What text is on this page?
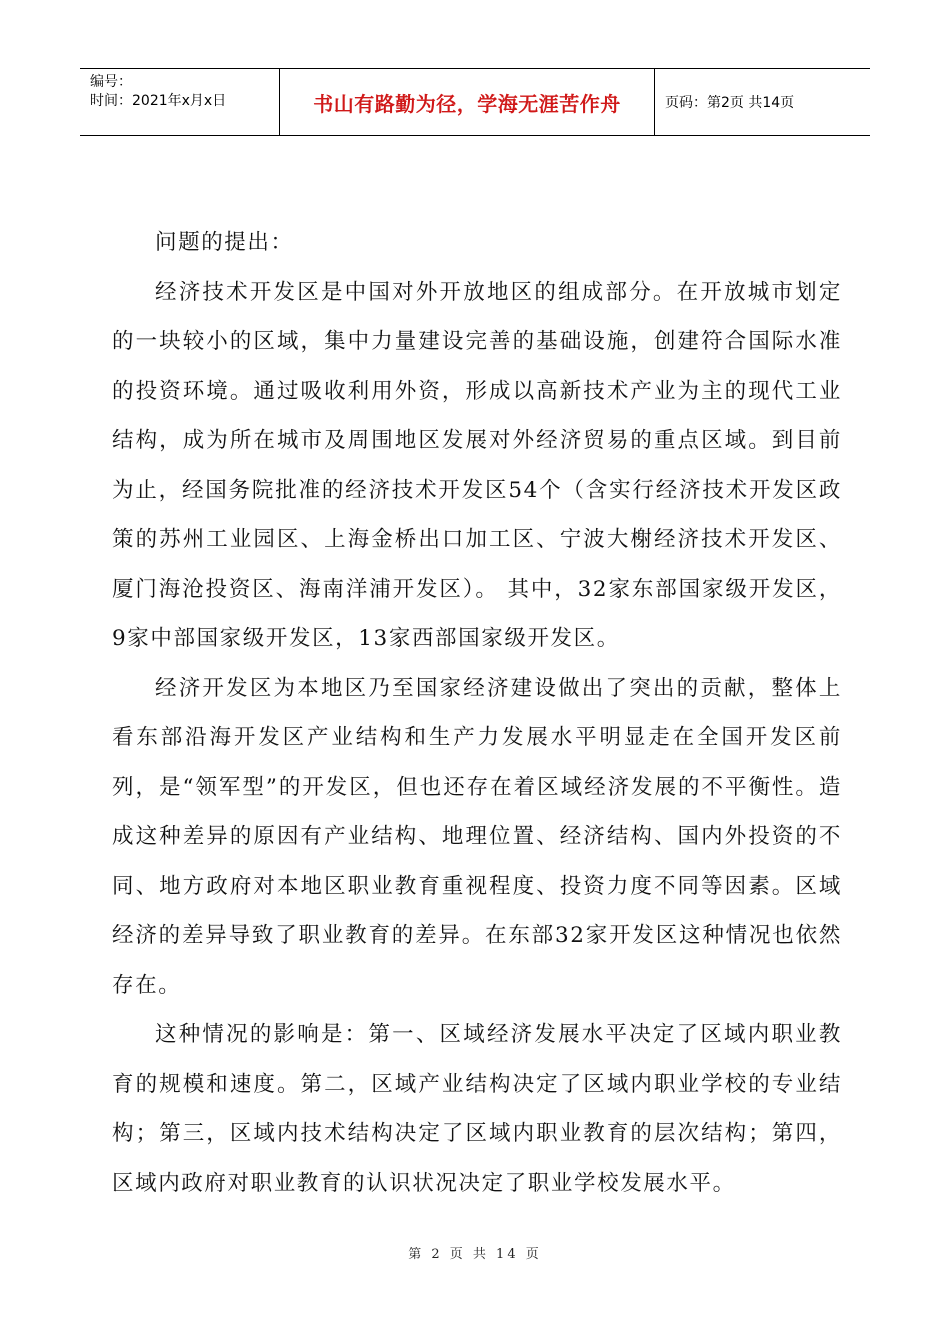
编号：
时间：2021年x月x日	书山有路勤为径，学海无涯苦作舟	页码：第2页 共14页

问题的提出：

经济技术开发区是中国对外开放地区的组成部分。在开放城市划定的一块较小的区域，集中力量建设完善的基础设施，创建符合国际水准的投资环境。通过吸收利用外资，形成以高新技术产业为主的现代工业结构，成为所在城市及周围地区发展对外经济贸易的重点区域。到目前为止，经国务院批准的经济技术开发区54个（含实行经济技术开发区政策的苏州工业园区、上海金桥出口加工区、宁波大榭经济技术开发区、厦门海沧投资区、海南洋浦开发区）。 其中，32家东部国家级开发区，9家中部国家级开发区，13家西部国家级开发区。

经济开发区为本地区乃至国家经济建设做出了突出的贡献，整体上看东部沿海开发区产业结构和生产力发展水平明显走在全国开发区前列，是“领军型”的开发区，但也还存在着区域经济发展的不平衡性。造成这种差异的原因有产业结构、地理位置、经济结构、国内外投资的不同、地方政府对本地区职业教育重视程度、投资力度不同等因素。区域经济的差异导致了职业教育的差异。在东部32家开发区这种情况也依然存在。

这种情况的影响是：第一、区域经济发展水平决定了区域内职业教育的规模和速度。第二，区域产业结构决定了区域内职业学校的专业结构；第三，区域内技术结构决定了区域内职业教育的层次结构；第四，区域内政府对职业教育的认识状况决定了职业学校发展水平。

第 2 页 共 14 页
